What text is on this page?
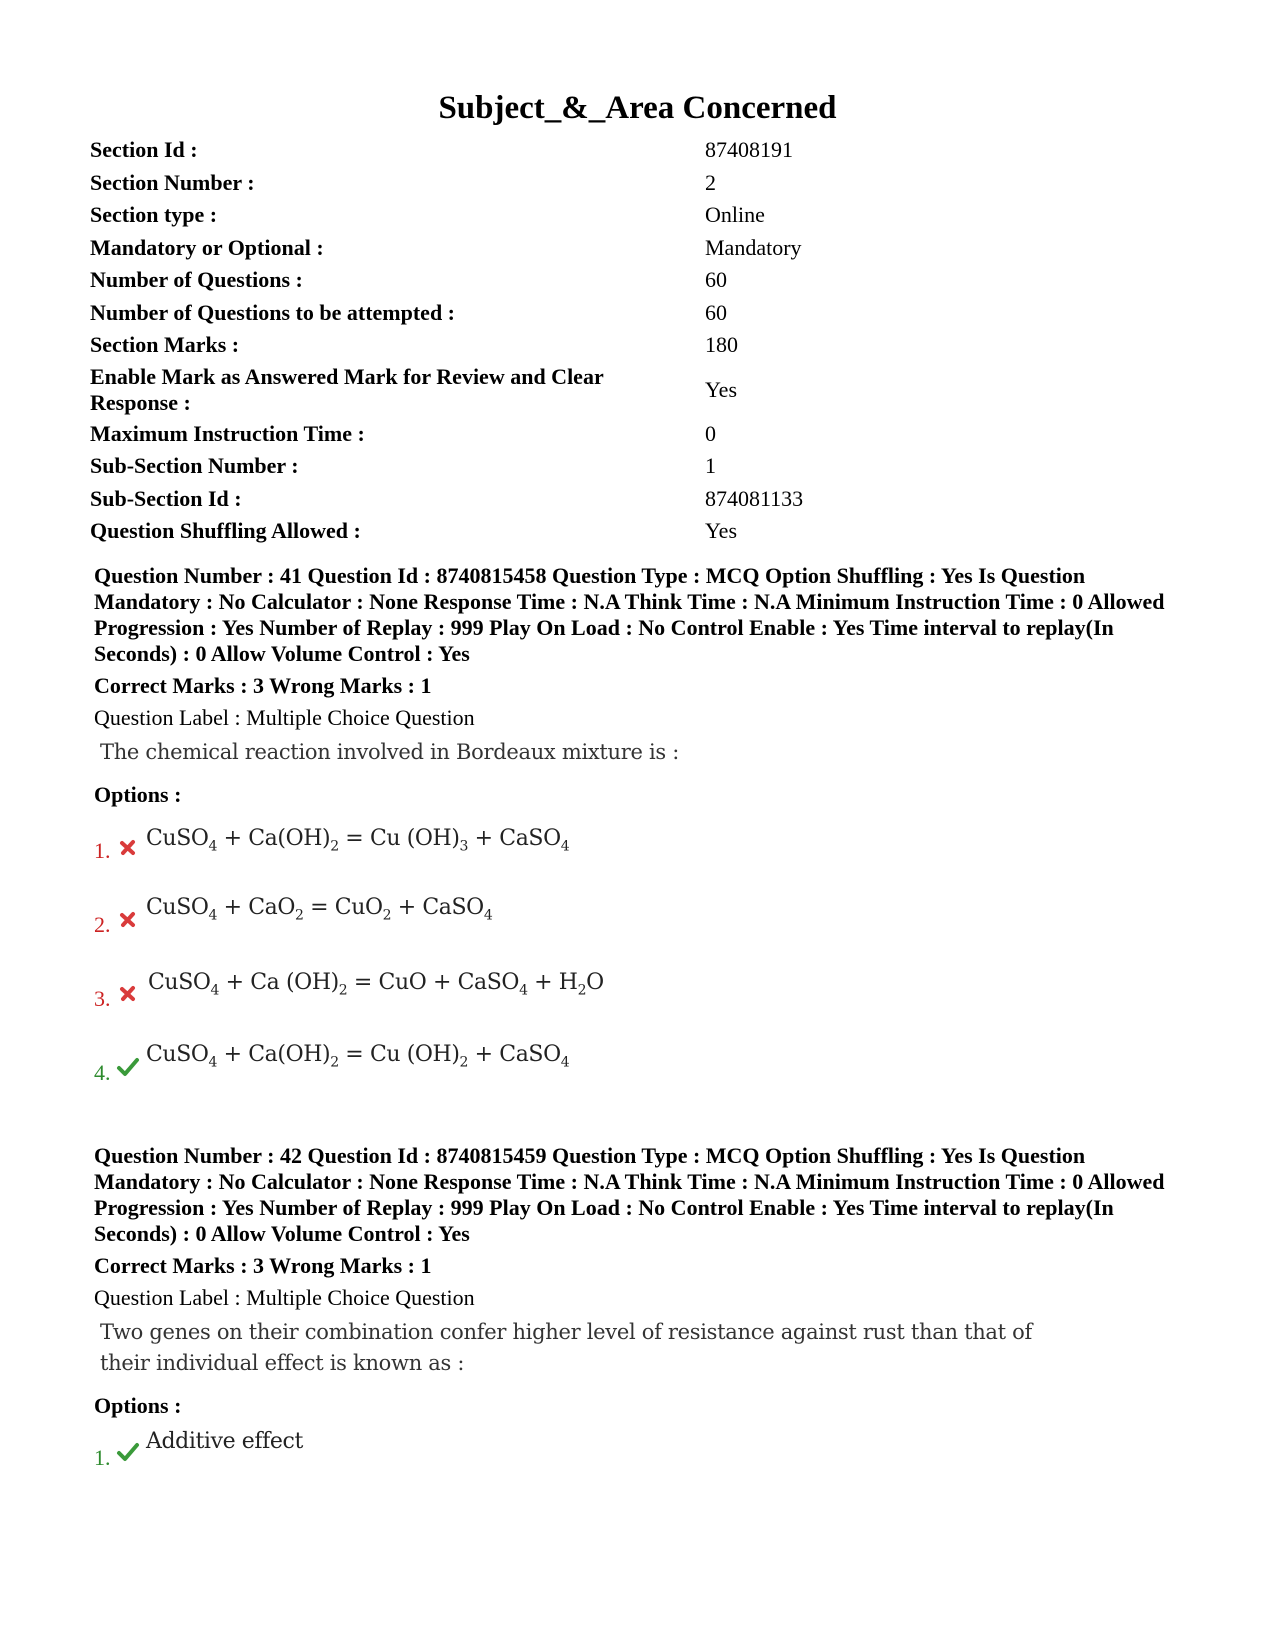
Subject_&_Area Concerned
Section Id :	87408191
Section Number :	2
Section type :	Online
Mandatory or Optional :	Mandatory
Number of Questions :	60
Number of Questions to be attempted :	60
Section Marks :	180
Enable Mark as Answered Mark for Review and Clear Response :	Yes
Maximum Instruction Time :	0
Sub-Section Number :	1
Sub-Section Id :	874081133
Question Shuffling Allowed :	Yes
Question Number : 41 Question Id : 8740815458 Question Type : MCQ Option Shuffling : Yes Is Question Mandatory : No Calculator : None Response Time : N.A Think Time : N.A Minimum Instruction Time : 0 Allowed Progression : Yes Number of Replay : 999 Play On Load : No Control Enable : Yes Time interval to replay(In Seconds) : 0 Allow Volume Control : Yes
Correct Marks : 3 Wrong Marks : 1
Question Label : Multiple Choice Question
The chemical reaction involved in Bordeaux mixture is :
Options :
1. CuSO$_4$ + $Ca(OH)_2 = Cu$ $(OH)_3$ + CaSO$_4$
2.
CuSO$_4$ + CaO$_2$ = CuO$_2$ + CaSO$_4$
3.
CuSO$_4$ + Ca $(OH)_2$ = CuO + CaSO$_4$ + $H_2O$
4.
CuSO$_4$ + $Ca(OH)_2 = Cu$ $(OH)_2$ + CaSO$_4$
Question Number : 42 Question Id : 8740815459 Question Type : MCQ Option Shuffling : Yes Is Question Mandatory : No Calculator : None Response Time : N.A Think Time : N.A Minimum Instruction Time : 0 Allowed Progression : Yes Number of Replay : 999 Play On Load : No Control Enable : Yes Time interval to replay(In Seconds) : 0 Allow Volume Control : Yes
Correct Marks : 3 Wrong Marks : 1
Question Label : Multiple Choice Question
Two genes on their combination confer higher level of resistance against rust than that of
their individual effect is known as :
Options :
1.
Additive effect
